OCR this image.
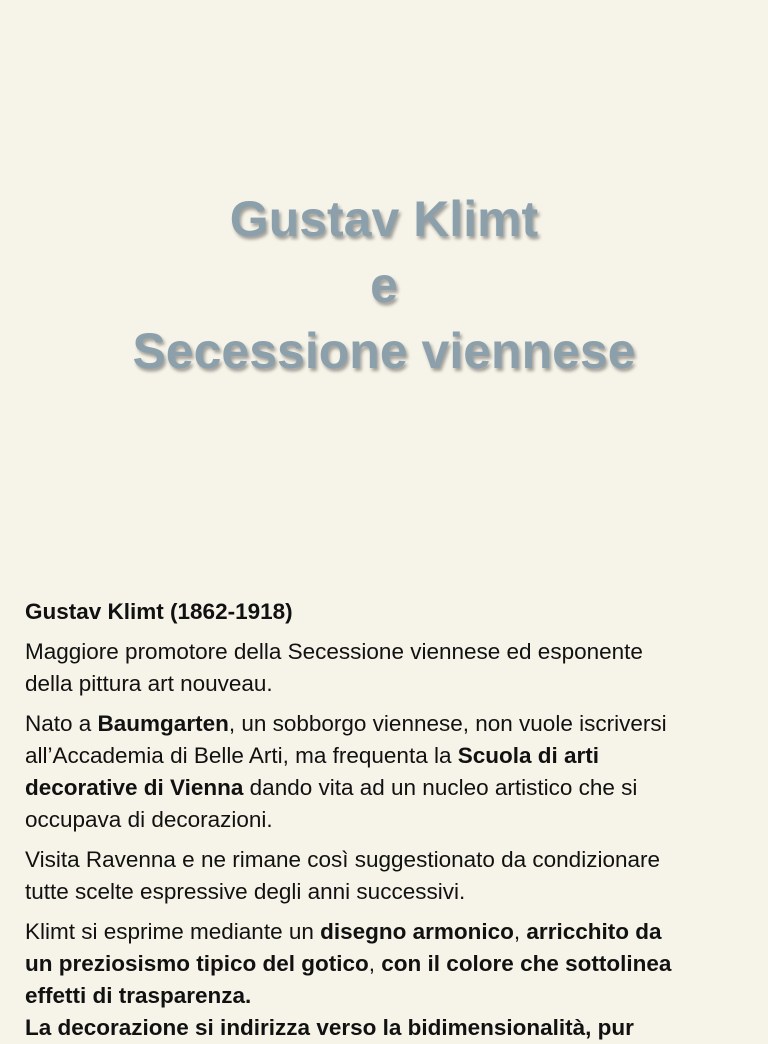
Gustav Klimt
e
Secessione viennese

Gustav Klimt (1862-1918)

Maggiore promotore della Secessione viennese ed esponente
della pittura art nouveau.

Nato a Baumgarten, un sobborgo viennese, non vuole iscriversi
all’Accademia di Belle Arti, ma frequenta la Scuola di arti
decorative di Vienna dando vita ad un nucleo artistico che si
occupava di decorazioni.

Visita Ravenna e ne rimane così suggestionato da condizionare
tutte scelte espressive degli anni successivi.

Klimt si esprime mediante un disegno armonico, arricchito da
un preziosismo tipico del gotico, con il colore che sottolinea
effetti di trasparenza.
La decorazione si indirizza verso la bidimensionalità, pur
